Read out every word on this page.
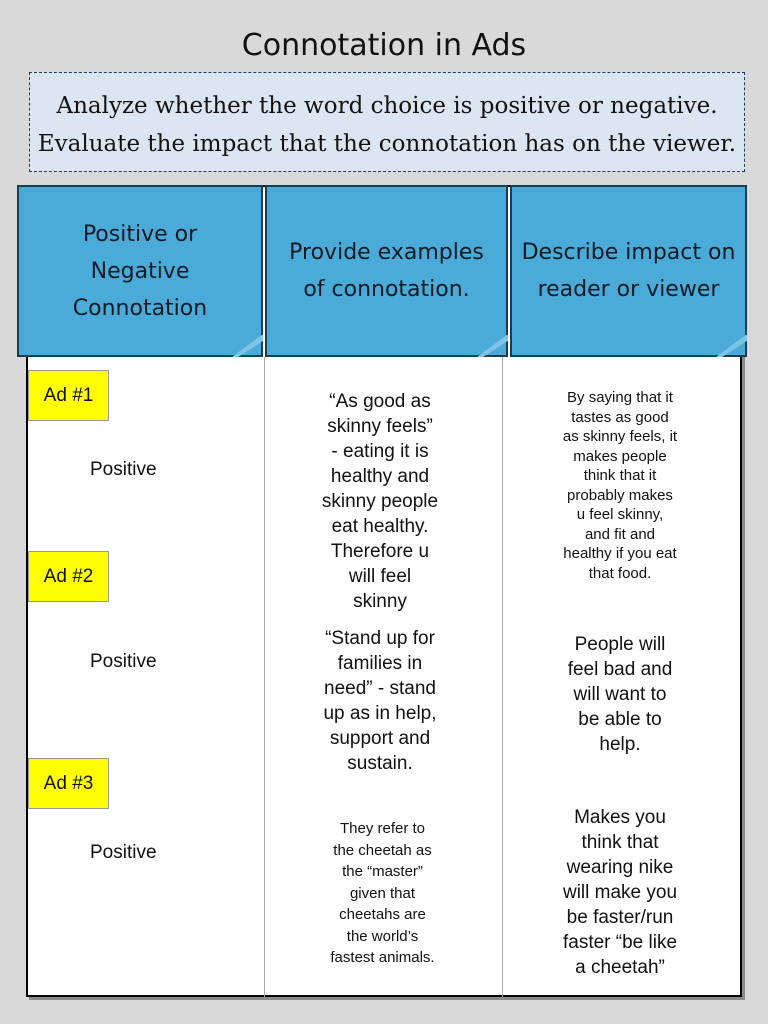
Connotation in Ads
Analyze whether the word choice is positive or negative.
Evaluate the impact that the connotation has on the viewer.
Positive or
Negative
Connotation
Provide examples
of connotation.
Describe impact on
reader or viewer
Ad #1
Positive
“As good as
skinny feels”
- eating it is
healthy and
skinny people
eat healthy.
Therefore u
will feel
skinny
By saying that it
tastes as good
as skinny feels, it
makes people
think that it
probably makes
u feel skinny,
and fit and
healthy if you eat
that food.
Ad #2
Positive
“Stand up for
families in
need” - stand
up as in help,
support and
sustain.
People will
feel bad and
will want to
be able to
help.
Ad #3
Positive
They refer to
the cheetah as
the “master”
given that
cheetahs are
the world’s
fastest animals.
Makes you
think that
wearing nike
will make you
be faster/run
faster “be like
a cheetah”
